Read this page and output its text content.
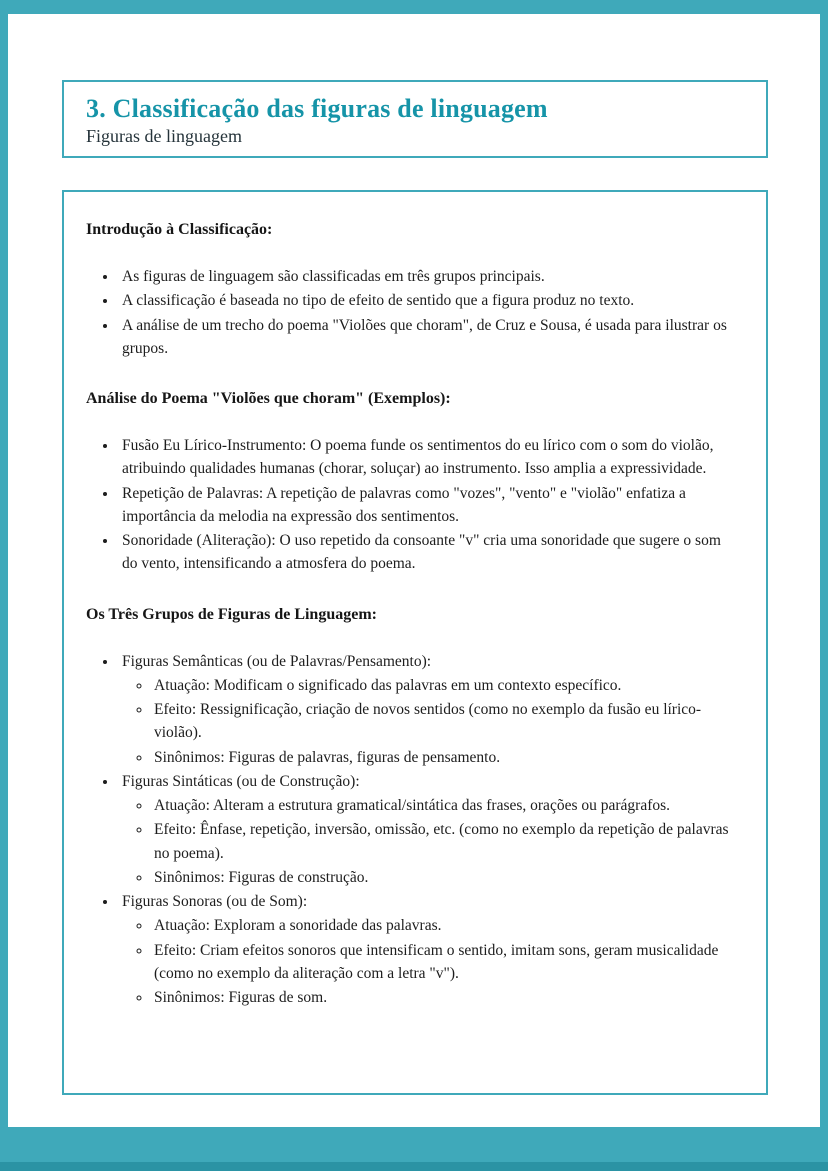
3. Classificação das figuras de linguagem
Figuras de linguagem
Introdução à Classificação:
• As figuras de linguagem são classificadas em três grupos principais.
• A classificação é baseada no tipo de efeito de sentido que a figura produz no texto.
• A análise de um trecho do poema "Violões que choram", de Cruz e Sousa, é usada para ilustrar os grupos.
Análise do Poema "Violões que choram" (Exemplos):
• Fusão Eu Lírico-Instrumento: O poema funde os sentimentos do eu lírico com o som do violão, atribuindo qualidades humanas (chorar, soluçar) ao instrumento. Isso amplia a expressividade.
• Repetição de Palavras: A repetição de palavras como "vozes", "vento" e "violão" enfatiza a importância da melodia na expressão dos sentimentos.
• Sonoridade (Aliteração): O uso repetido da consoante "v" cria uma sonoridade que sugere o som do vento, intensificando a atmosfera do poema.
Os Três Grupos de Figuras de Linguagem:
• Figuras Semânticas (ou de Palavras/Pensamento):
◦ Atuação: Modificam o significado das palavras em um contexto específico.
◦ Efeito: Ressignificação, criação de novos sentidos (como no exemplo da fusão eu lírico-violão).
◦ Sinônimos: Figuras de palavras, figuras de pensamento.
• Figuras Sintáticas (ou de Construção):
◦ Atuação: Alteram a estrutura gramatical/sintática das frases, orações ou parágrafos.
◦ Efeito: Ênfase, repetição, inversão, omissão, etc. (como no exemplo da repetição de palavras no poema).
◦ Sinônimos: Figuras de construção.
• Figuras Sonoras (ou de Som):
◦ Atuação: Exploram a sonoridade das palavras.
◦ Efeito: Criam efeitos sonoros que intensificam o sentido, imitam sons, geram musicalidade (como no exemplo da aliteração com a letra "v").
◦ Sinônimos: Figuras de som.
